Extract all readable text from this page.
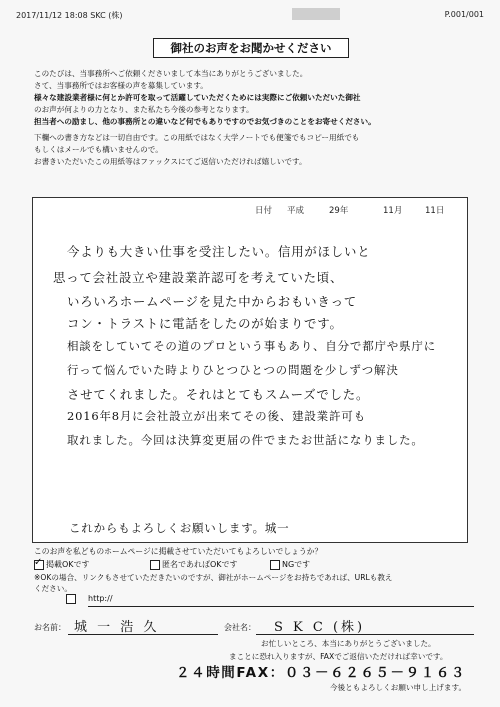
2017/11/12 18:08 SKC (株)	P.001/001
御社のお声をお聞かせください

このたびは、当事務所へご依頼くださいまして本当にありがとうございました。

さて、当事務所ではお客様の声を募集しています。

様々な建設業者様に何とか許可を取って活躍していただくためには実際にご依頼いただいた御社

のお声が何よりの力となり、また私たち今後の参考となります。

担当者への励まし、他の事務所との違いなど何でもありですのでお気づきのことをお寄せください。

下欄への書き方などは一切自由です。この用紙ではなく大学ノートでも便箋でもコピー用紙でも

もしくはメールでも構いませんので。

お書きいただいたこの用紙等はファックスにてご返信いただければ嬉しいです。

日付 平成	29年	11月	11日
今よりも大きい仕事を受注したい。信用がほしいと
思って会社設立や建設業許認可を考えていた頃、
いろいろホームページを見た中からおもいきって
コン・トラストに電話をしたのが始まりです。
相談をしていてその道のプロという事もあり、自分で都庁や県庁に
行って悩んでいた時よりひとつひとつの問題を少しずつ解決
させてくれました。それはとてもスムーズでした。
2016年8月に会社設立が出来てその後、建設業許可も
取れました。今回は決算変更届の件でまたお世話になりました。
これからもよろしくお願いします。城一

このお声を私どものホームページに掲載させていただいてもよろしいでしょうか？

✓
掲載OKです	匿名であればOKです	NGです

※OKの場合、リンクもさせていただきたいのですが、御社がホームページをお持ちであれば、URLも教え

ください。

http://
お名前： 城 一 浩 久	会社名： S K C (株)
お忙しいところ、本当にありがとうございました。
まことに恐れ入りますが、FAXでご返信いただければ幸いです。
２４時間FAX：０３－６２６５－９１６３
今後ともよろしくお願い申し上げます。
